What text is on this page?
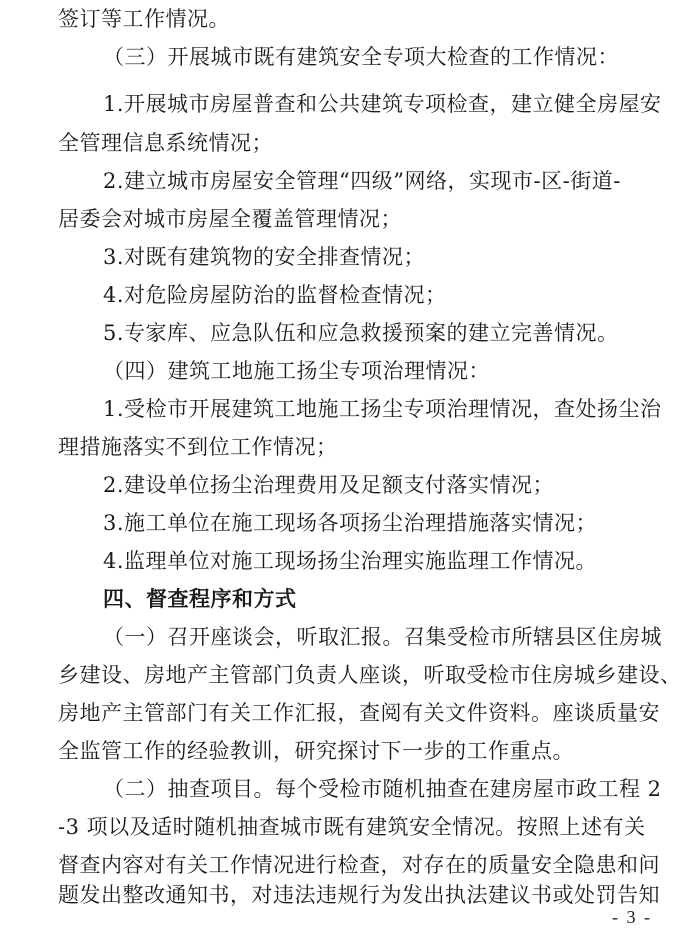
签订等工作情况。
（三）开展城市既有建筑安全专项大检查的工作情况：
1.开展城市房屋普查和公共建筑专项检查，建立健全房屋安
全管理信息系统情况；
2.建立城市房屋安全管理“四级”网络，实现市-区-街道-
居委会对城市房屋全覆盖管理情况；
3.对既有建筑物的安全排查情况；
4.对危险房屋防治的监督检查情况；
5.专家库、应急队伍和应急救援预案的建立完善情况。
（四）建筑工地施工扬尘专项治理情况：
1.受检市开展建筑工地施工扬尘专项治理情况，查处扬尘治
理措施落实不到位工作情况；
2.建设单位扬尘治理费用及足额支付落实情况；
3.施工单位在施工现场各项扬尘治理措施落实情况；
4.监理单位对施工现场扬尘治理实施监理工作情况。
四、督查程序和方式
（一）召开座谈会，听取汇报。召集受检市所辖县区住房城
乡建设、房地产主管部门负责人座谈，听取受检市住房城乡建设、
房地产主管部门有关工作汇报，查阅有关文件资料。座谈质量安
全监管工作的经验教训，研究探讨下一步的工作重点。
（二）抽查项目。每个受检市随机抽查在建房屋市政工程 2
-3 项以及适时随机抽查城市既有建筑安全情况。按照上述有关
督查内容对有关工作情况进行检查，对存在的质量安全隐患和问
题发出整改通知书，对违法违规行为发出执法建议书或处罚告知
- 3 -
